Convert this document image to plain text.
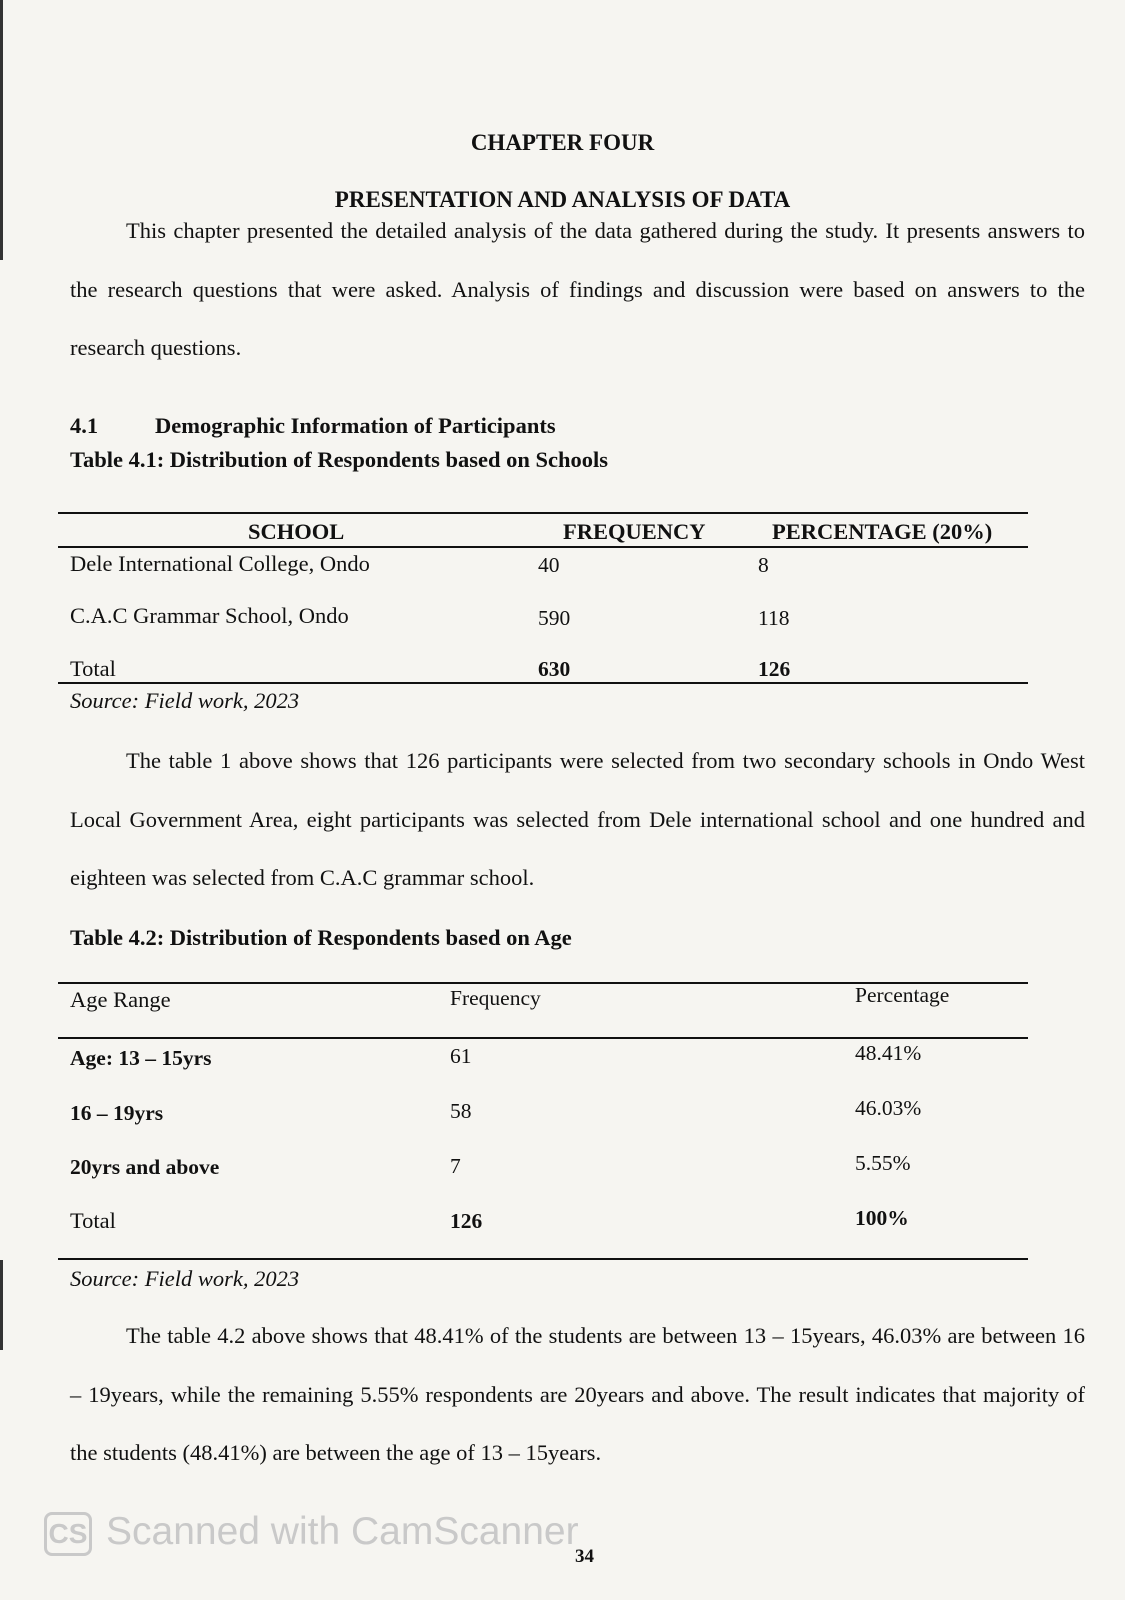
CHAPTER FOUR
PRESENTATION AND ANALYSIS OF DATA
This chapter presented the detailed analysis of the data gathered during the study. It presents answers to the research questions that were asked. Analysis of findings and discussion were based on answers to the research questions.
4.1	Demographic Information of Participants
Table 4.1: Distribution of Respondents based on Schools
SCHOOL	FREQUENCY	PERCENTAGE (20%)
Dele International College, Ondo	40	8
C.A.C Grammar School, Ondo	590	118
Total	630	126
Source: Field work, 2023
The table 1 above shows that 126 participants were selected from two secondary schools in Ondo West Local Government Area, eight participants was selected from Dele international school and one hundred and eighteen was selected from C.A.C grammar school.
Table 4.2: Distribution of Respondents based on Age
Age Range	Frequency	Percentage
Age: 13 – 15yrs	61	48.41%
16 – 19yrs	58	46.03%
20yrs and above	7	5.55%
Total	126	100%
Source: Field work, 2023
The table 4.2 above shows that 48.41% of the students are between 13 – 15years, 46.03% are between 16 – 19years, while the remaining 5.55% respondents are 20years and above. The result indicates that majority of the students (48.41%) are between the age of 13 – 15years.
CS Scanned with CamScanner
34
